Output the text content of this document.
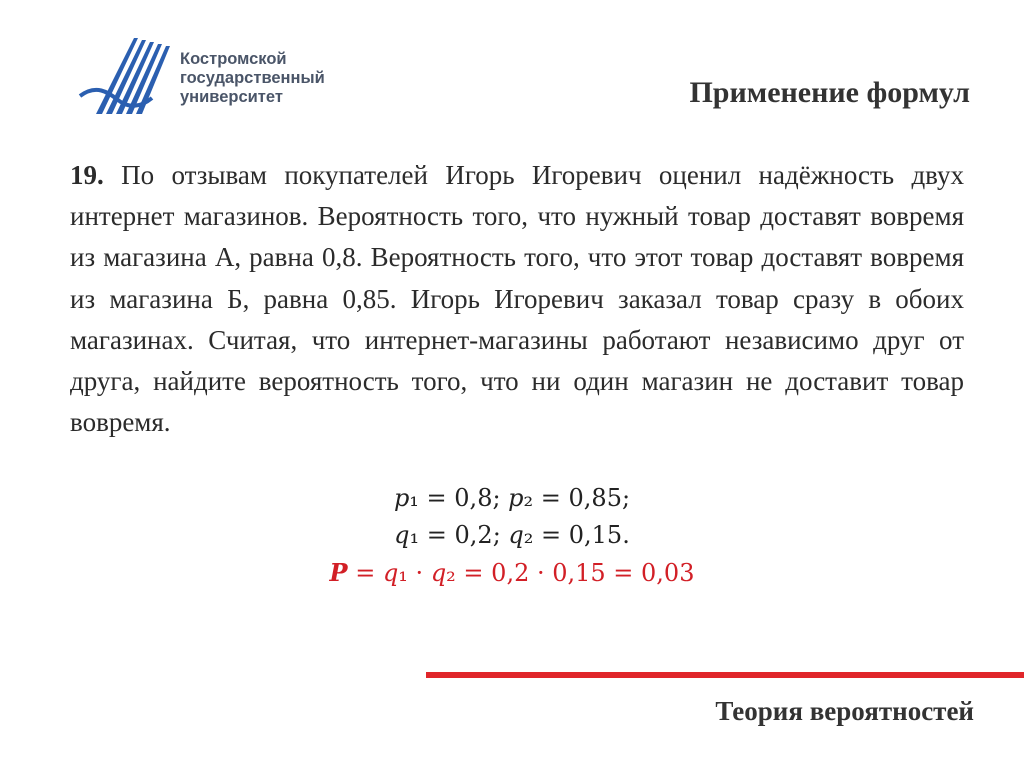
Костромской
государственный
университет	Применение формул
19. По отзывам покупателей Игорь Игоревич оценил надёжность двух интернет магазинов. Вероятность того, что нужный товар доставят вовремя из магазина А, равна 0,8. Вероятность того, что этот товар доставят вовремя из магазина Б, равна 0,85. Игорь Игоревич заказал товар сразу в обоих магазинах. Считая, что интернет-магазины работают независимо друг от друга, найдите вероятность того, что ни один магазин не доставит товар вовремя.
𝑝₁ = 0,8; 𝑝₂ = 0,85;
𝑞₁ = 0,2; 𝑞₂ = 0,15.
𝑷 = 𝑞₁ · 𝑞₂ = 0,2 · 0,15 = 0,03
Теория вероятностей
